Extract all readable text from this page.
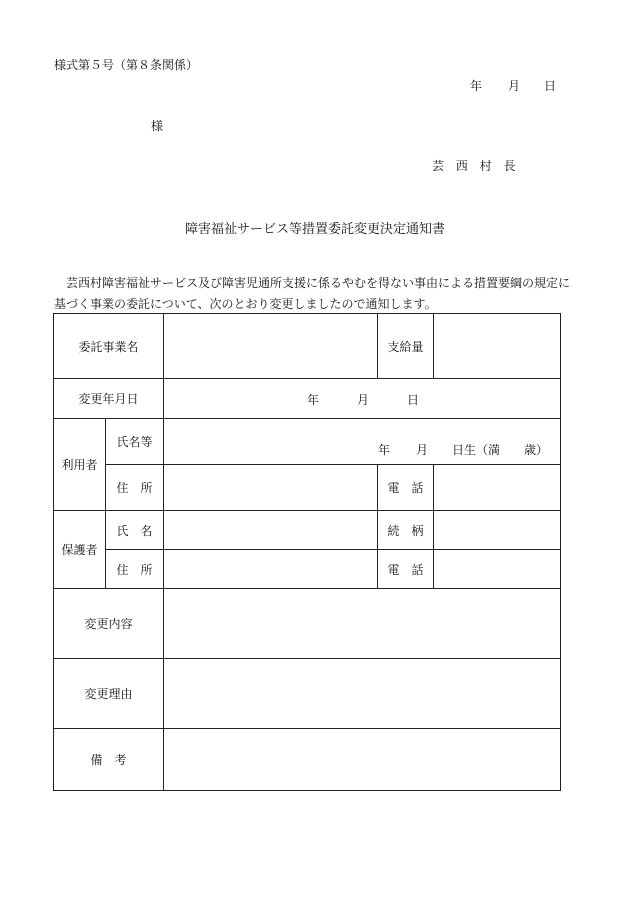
様式第５号（第８条関係）
年 月 日
様
芸 西 村 長
障害福祉サービス等措置委託変更決定通知書
芸西村障害福祉サービス及び障害児通所支援に係るやむを得ない事由による措置要綱の規定に基づく事業の委託について、次のとおり変更しましたので通知します。
委託事業名			支給量	
変更年月日		年 月 日		

利用者	氏名等	年 月 日生（満 歳）		

	住　所		電　話	
保護者	氏　名		続　柄	
	住　所		電　話	
変更内容				
変更理由				
備　考				
